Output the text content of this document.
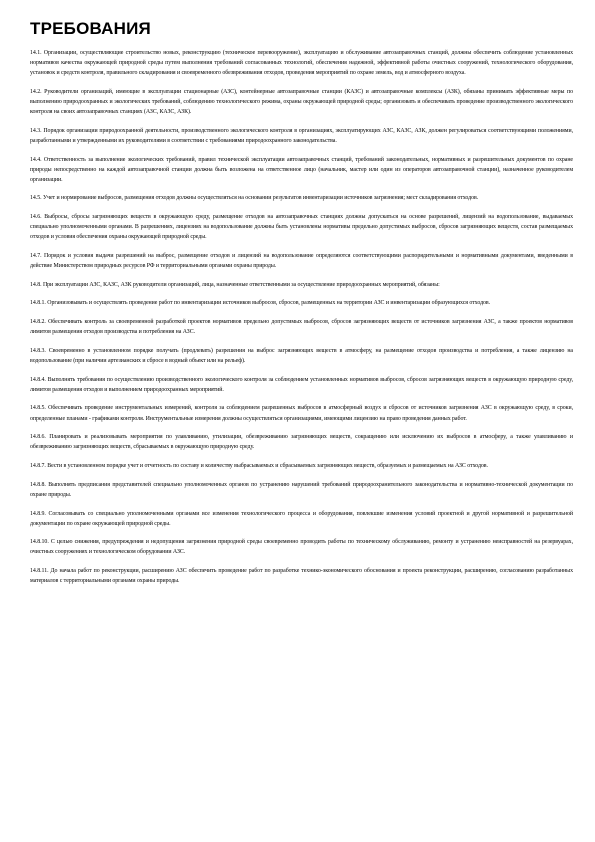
ТРЕБОВАНИЯ

14.1. Организации, осуществляющие строительство новых, реконструкцию (техническое перевооружение), эксплуатацию и обслуживание автозаправочных станций, должны обеспечить соблюдение установленных нормативов качества окружающей природной среды путем выполнения требований согласованных технологий, обеспечения надежной, эффективной работы очистных сооружений, технологического оборудования, установок и средств контроля, правильного складирования и своевременного обезвреживания отходов, проведения мероприятий по охране земель, вод и атмосферного воздуха.

14.2. Руководители организаций, имеющие в эксплуатации стационарные (АЗС), контейнерные автозаправочные станции (КАЗС) и автозаправочные комплексы (АЗК), обязаны принимать эффективные меры по выполнению природоохранных и экологических требований, соблюдению технологического режима, охраны окружающей природной среды; организовать и обеспечивать проведение производственного экологического контроля на своих автозаправочных станциях (АЗС, КАЗС, АЗК).

14.3. Порядок организации природоохранной деятельности, производственного экологического контроля в организациях, эксплуатирующих АЗС, КАЗС, АЗК, должен регулироваться соответствующими положениями, разработанными и утвержденными их руководителями в соответствии с требованиями природоохранного законодательства.

14.4. Ответственность за выполнение экологических требований, правил технической эксплуатации автозаправочных станций, требований законодательных, нормативных и разрешительных документов по охране природы непосредственно на каждой автозаправочной станции должна быть возложена на ответственное лицо (начальник, мастер или один из операторов автозаправочной станции), назначенное руководителем организации.

14.5. Учет и нормирование выбросов, размещения отходов должны осуществляться на основании результатов инвентаризации источников загрязнения; мест складирования отходов.

14.6. Выбросы, сбросы загрязняющих веществ в окружающую среду, размещение отходов на автозаправочных станциях должны допускаться на основе разрешений, лицензий на водопользование, выдаваемых специально уполномоченными органами. В разрешениях, лицензиях на водопользование должны быть установлены нормативы предельно допустимых выбросов, сбросов загрязняющих веществ, состав размещаемых отходов и условия обеспечения охраны окружающей природной среды.

14.7. Порядок и условия выдачи разрешений на выброс, размещение отходов и лицензий на водопользование определяются соответствующими распорядительными и нормативными документами, введенными в действие Министерством природных ресурсов РФ и территориальными органами охраны природы.

14.8. При эксплуатации АЗС, КАЗС, АЗК руководители организаций, лица, назначенные ответственными за осуществление природоохранных мероприятий, обязаны:

14.8.1. Организовывать и осуществлять проведение работ по инвентаризации источников выбросов, сбросов, размещенных на территории АЗС и инвентаризации образующихся отходов.

14.8.2. Обеспечивать контроль за своевременной разработкой проектов нормативов предельно допустимых выбросов, сбросов загрязняющих веществ от источников загрязнения АЗС, а также проектов нормативов лимитов размещения отходов производства и потребления на АЗС.

14.8.3. Своевременно в установленном порядке получать (продлевать) разрешения на выброс загрязняющих веществ в атмосферу, на размещение отходов производства и потребления, а также лицензию на водопользование (при наличии артезианских и сбросе в водный объект или на рельеф).

14.8.4. Выполнять требования по осуществлению производственного экологического контроля за соблюдением установленных нормативов выбросов, сбросов загрязняющих веществ в окружающую природную среду, лимитов размещения отходов и выполнением природоохранных мероприятий.

14.8.5. Обеспечивать проведение инструментальных измерений, контроля за соблюдением разрешенных выбросов в атмосферный воздух и сбросов от источников загрязнения АЗС в окружающую среду, в сроки, определенные планами - графиками контроля. Инструментальные измерения должны осуществляться организациями, имеющими лицензию на право проведения данных работ.

14.8.6. Планировать и реализовывать мероприятия по улавливанию, утилизации, обезвреживанию загрязняющих веществ, сокращению или исключению их выбросов в атмосферу, а также улавливанию и обезвреживанию загрязняющих веществ, сбрасываемых в окружающую природную среду.

14.8.7. Вести в установленном порядке учет и отчетность по составу и количеству выбрасываемых и сбрасываемых загрязняющих веществ, образуемых и размещаемых на АЗС отходов.

14.8.8. Выполнять предписания представителей специально уполномоченных органов по устранению нарушений требований природоохранительного законодательства и нормативно-технической документации по охране природы.

14.8.9. Согласовывать со специально уполномоченными органами все изменения технологического процесса и оборудования, повлекшие изменения условий проектной и другой нормативной и разрешительной документации по охране окружающей природной среды.

14.8.10. С целью снижения, предупреждения и недопущения загрязнения природной среды своевременно проводить работы по техническому обслуживанию, ремонту и устранению неисправностей на резервуарах, очистных сооружениях и технологическом оборудовании АЗС.

14.8.11. До начала работ по реконструкции, расширению АЗС обеспечить проведение работ по разработке технико-экономического обоснования и проекта реконструкции, расширению, согласованию разработанных материалов с территориальными органами охраны природы.
